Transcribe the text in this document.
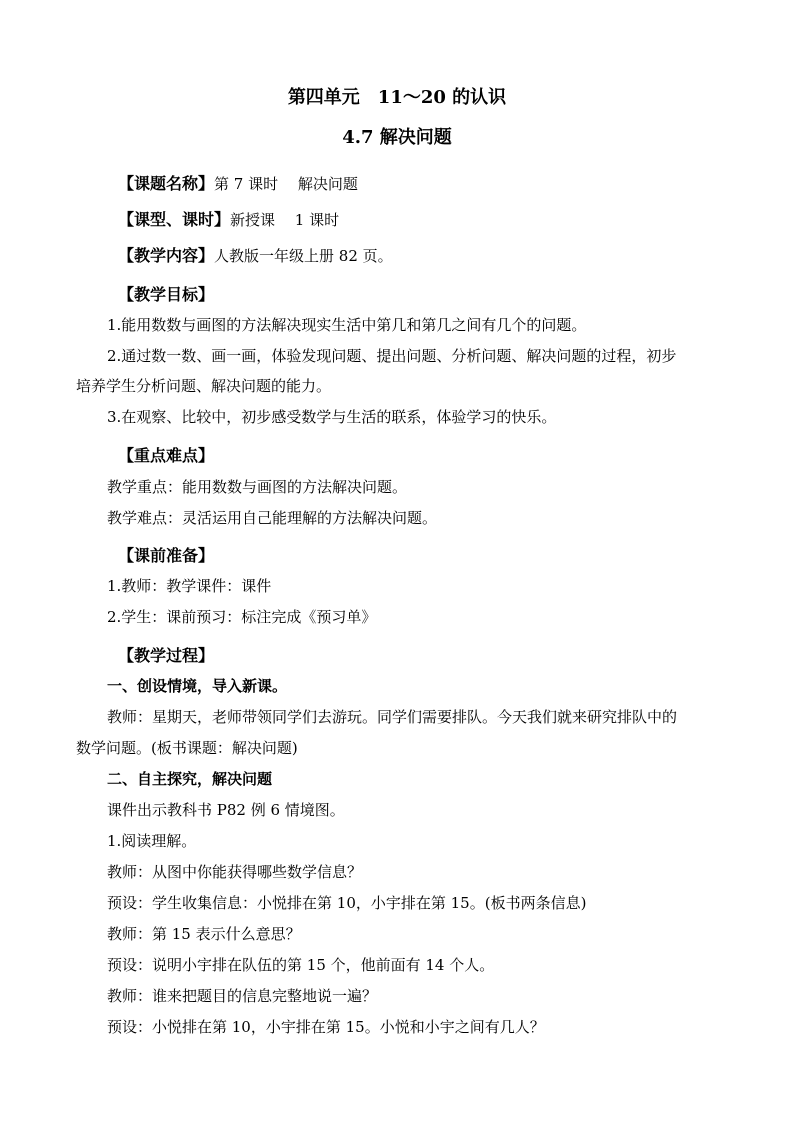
第四单元　11～20 的认识
4.7 解决问题
【课题名称】第 7 课时　 解决问题
【课型、课时】新授课　 1 课时
【教学内容】人教版一年级上册 82 页。
【教学目标】
1.能用数数与画图的方法解决现实生活中第几和第几之间有几个的问题。
2.通过数一数、画一画，体验发现问题、提出问题、分析问题、解决问题的过程，初步
培养学生分析问题、解决问题的能力。
3.在观察、比较中，初步感受数学与生活的联系，体验学习的快乐。
【重点难点】
教学重点：能用数数与画图的方法解决问题。
教学难点：灵活运用自己能理解的方法解决问题。
【课前准备】
1.教师：教学课件：课件
2.学生：课前预习：标注完成《预习单》
【教学过程】
一、创设情境，导入新课。
教师：星期天，老师带领同学们去游玩。同学们需要排队。今天我们就来研究排队中的
数学问题。(板书课题：解决问题)
二、自主探究，解决问题
课件出示教科书 P82 例 6 情境图。
1.阅读理解。
教师：从图中你能获得哪些数学信息？
预设：学生收集信息：小悦排在第 10，小宇排在第 15。(板书两条信息)
教师：第 15 表示什么意思？
预设：说明小宇排在队伍的第 15 个，他前面有 14 个人。
教师：谁来把题目的信息完整地说一遍？
预设：小悦排在第 10，小宇排在第 15。小悦和小宇之间有几人？
